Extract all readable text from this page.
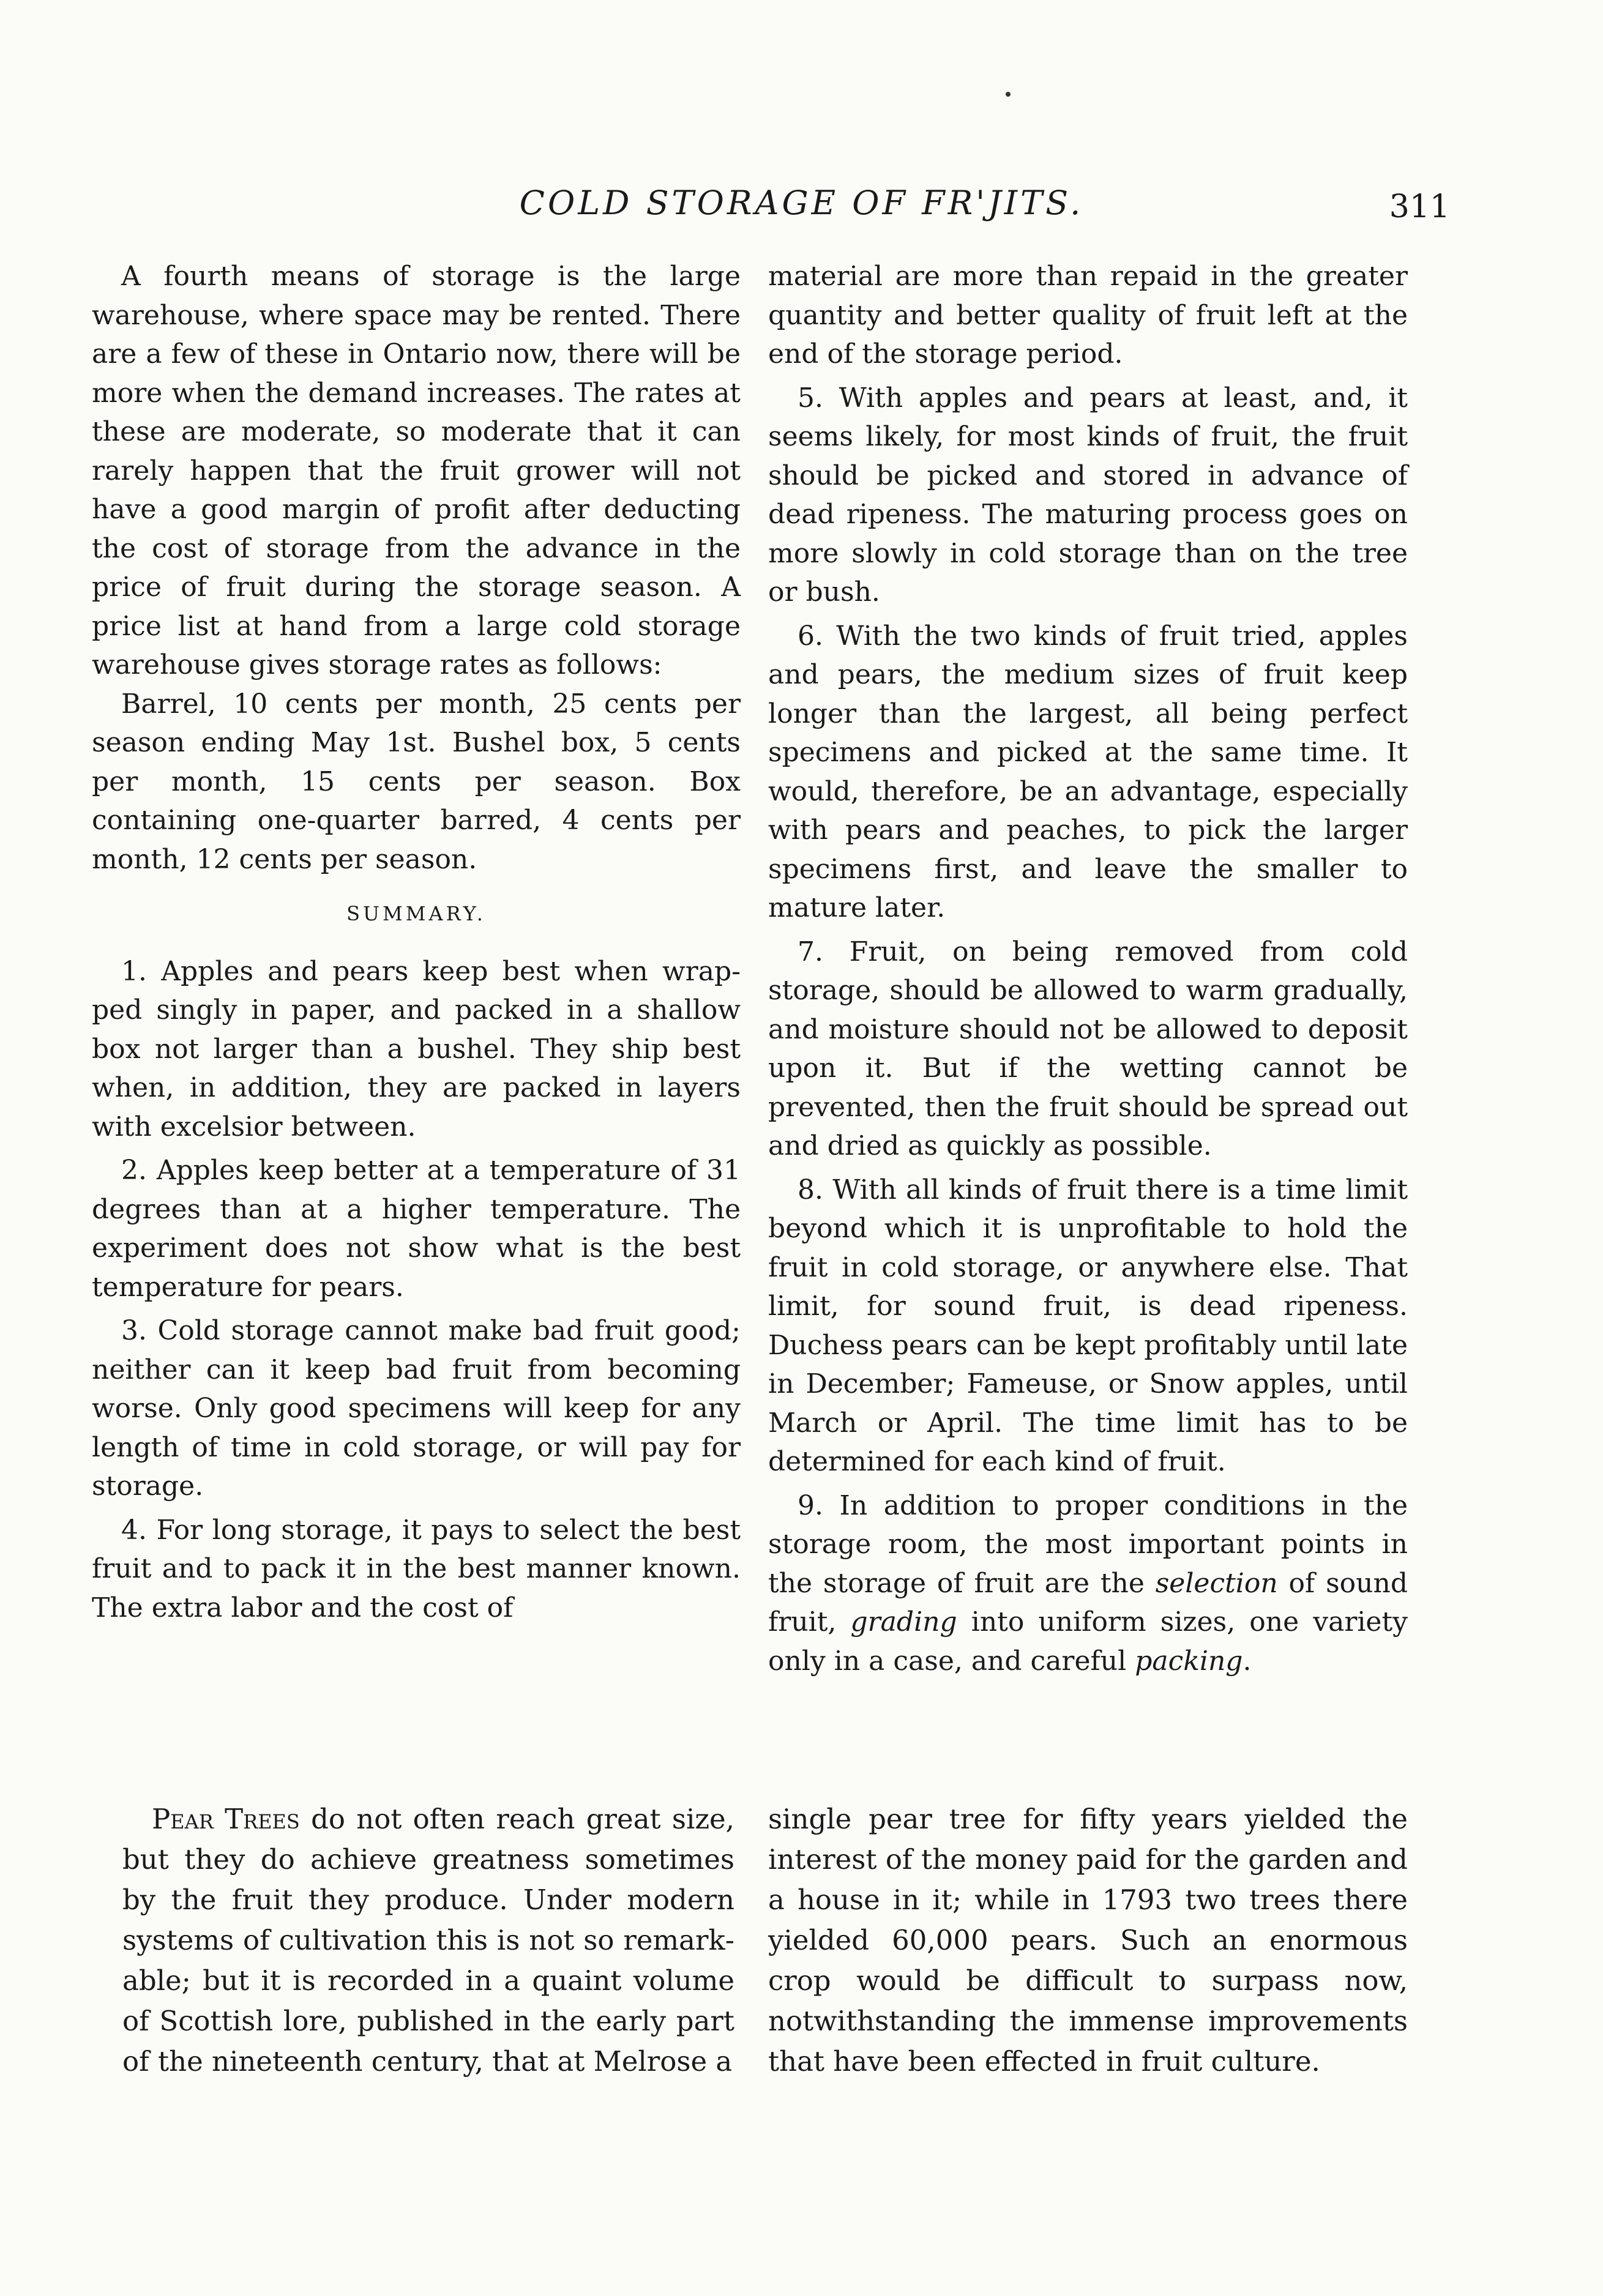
COLD STORAGE OF FR'JITS.	311

A fourth means of storage is the large warehouse, where space may be rented. There are a few of these in Ontario now, there will be more when the demand increases. The rates at these are moderate, so moderate that it can rarely happen that the fruit grower will not have a good margin of profit after deducting the cost of storage from the advance in the price of fruit during the storage season. A price list at hand from a large cold storage warehouse gives storage rates as follows:

Barrel, 10 cents per month, 25 cents per season ending May 1st. Bushel box, 5 cents per month, 15 cents per season. Box containing one-quarter barred, 4 cents per month, 12 cents per season.

SUMMARY.

1. Apples and pears keep best when wrapped singly in paper, and packed in a shallow box not larger than a bushel. They ship best when, in addition, they are packed in layers with excelsior between.

2. Apples keep better at a temperature of 31 degrees than at a higher temperature. The experiment does not show what is the best temperature for pears.

3. Cold storage cannot make bad fruit good; neither can it keep bad fruit from becoming worse. Only good specimens will keep for any length of time in cold storage, or will pay for storage.

4. For long storage, it pays to select the best fruit and to pack it in the best manner known. The extra labor and the cost of

material are more than repaid in the greater quantity and better quality of fruit left at the end of the storage period.

5. With apples and pears at least, and, it seems likely, for most kinds of fruit, the fruit should be picked and stored in advance of dead ripeness. The maturing process goes on more slowly in cold storage than on the tree or bush.

6. With the two kinds of fruit tried, apples and pears, the medium sizes of fruit keep longer than the largest, all being perfect specimens and picked at the same time. It would, therefore, be an advantage, especially with pears and peaches, to pick the larger specimens first, and leave the smaller to mature later.

7. Fruit, on being removed from cold storage, should be allowed to warm gradually, and moisture should not be allowed to deposit upon it. But if the wetting cannot be prevented, then the fruit should be spread out and dried as quickly as possible.

8. With all kinds of fruit there is a time limit beyond which it is unprofitable to hold the fruit in cold storage, or anywhere else. That limit, for sound fruit, is dead ripeness. Duchess pears can be kept profitably until late in December; Fameuse, or Snow apples, until March or April. The time limit has to be determined for each kind of fruit.

9. In addition to proper conditions in the storage room, the most important points in the storage of fruit are the selection of sound fruit, grading into uniform sizes, one variety only in a case, and careful packing.

Pear Trees do not often reach great size, but they do achieve greatness sometimes by the fruit they produce. Under modern systems of cultivation this is not so remarkable; but it is recorded in a quaint volume of Scottish lore, published in the early part of the nineteenth century, that at Melrose a

single pear tree for fifty years yielded the interest of the money paid for the garden and a house in it; while in 1793 two trees there yielded 60,000 pears. Such an enormous crop would be difficult to surpass now, notwithstanding the immense improvements that have been effected in fruit culture.
